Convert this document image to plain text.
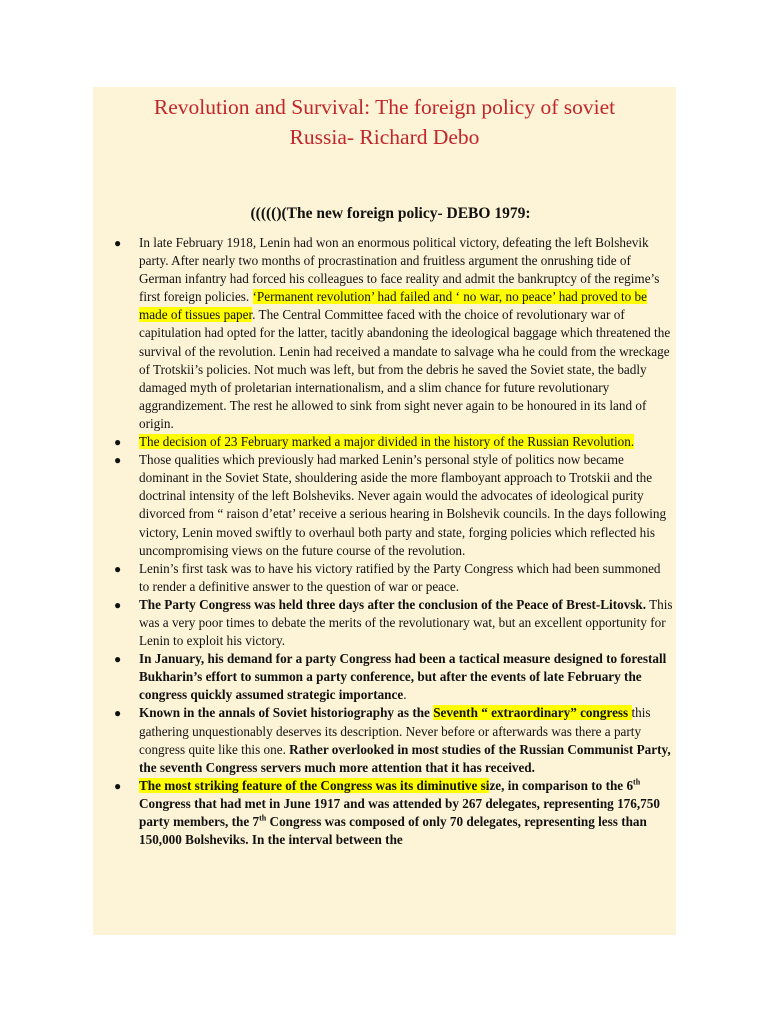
Revolution and Survival: The foreign policy of soviet
Russia- Richard Debo
((((()(The new foreign policy- DEBO 1979:
● In late February 1918, Lenin had won an enormous political victory, defeating the left Bolshevik party. After nearly two months of procrastination and fruitless argument the onrushing tide of German infantry had forced his colleagues to face reality and admit the bankruptcy of the regime’s first foreign policies. ‘Permanent revolution’ had failed and ‘ no war, no peace’ had proved to be made of tissues paper. The Central Committee faced with the choice of revolutionary war of capitulation had opted for the latter, tacitly abandoning the ideological baggage which threatened the survival of the revolution. Lenin had received a mandate to salvage wha he could from the wreckage of Trotskii’s policies. Not much was left, but from the debris he saved the Soviet state, the badly damaged myth of proletarian internationalism, and a slim chance for future revolutionary aggrandizement. The rest he allowed to sink from sight never again to be honoured in its land of origin.
● The decision of 23 February marked a major divided in the history of the Russian Revolution.
● Those qualities which previously had marked Lenin’s personal style of politics now became dominant in the Soviet State, shouldering aside the more flamboyant approach to Trotskii and the doctrinal intensity of the left Bolsheviks. Never again would the advocates of ideological purity divorced from “ raison d’etat’ receive a serious hearing in Bolshevik councils. In the days following victory, Lenin moved swiftly to overhaul both party and state, forging policies which reflected his uncompromising views on the future course of the revolution.
● Lenin’s first task was to have his victory ratified by the Party Congress which had been summoned to render a definitive answer to the question of war or peace.
● The Party Congress was held three days after the conclusion of the Peace of Brest-Litovsk. This was a very poor times to debate the merits of the revolutionary wat, but an excellent opportunity for Lenin to exploit his victory.
● In January, his demand for a party Congress had been a tactical measure designed to forestall Bukharin’s effort to summon a party conference, but after the events of late February the congress quickly assumed strategic importance.
● Known in the annals of Soviet historiography as the Seventh “ extraordinary” congress this gathering unquestionably deserves its description. Never before or afterwards was there a party congress quite like this one. Rather overlooked in most studies of the Russian Communist Party, the seventh Congress servers much more attention that it has received.
● The most striking feature of the Congress was its diminutive size, in comparison to the 6th Congress that had met in June 1917 and was attended by 267 delegates, representing 176,750 party members, the 7th Congress was composed of only 70 delegates, representing less than 150,000 Bolsheviks. In the interval between the
